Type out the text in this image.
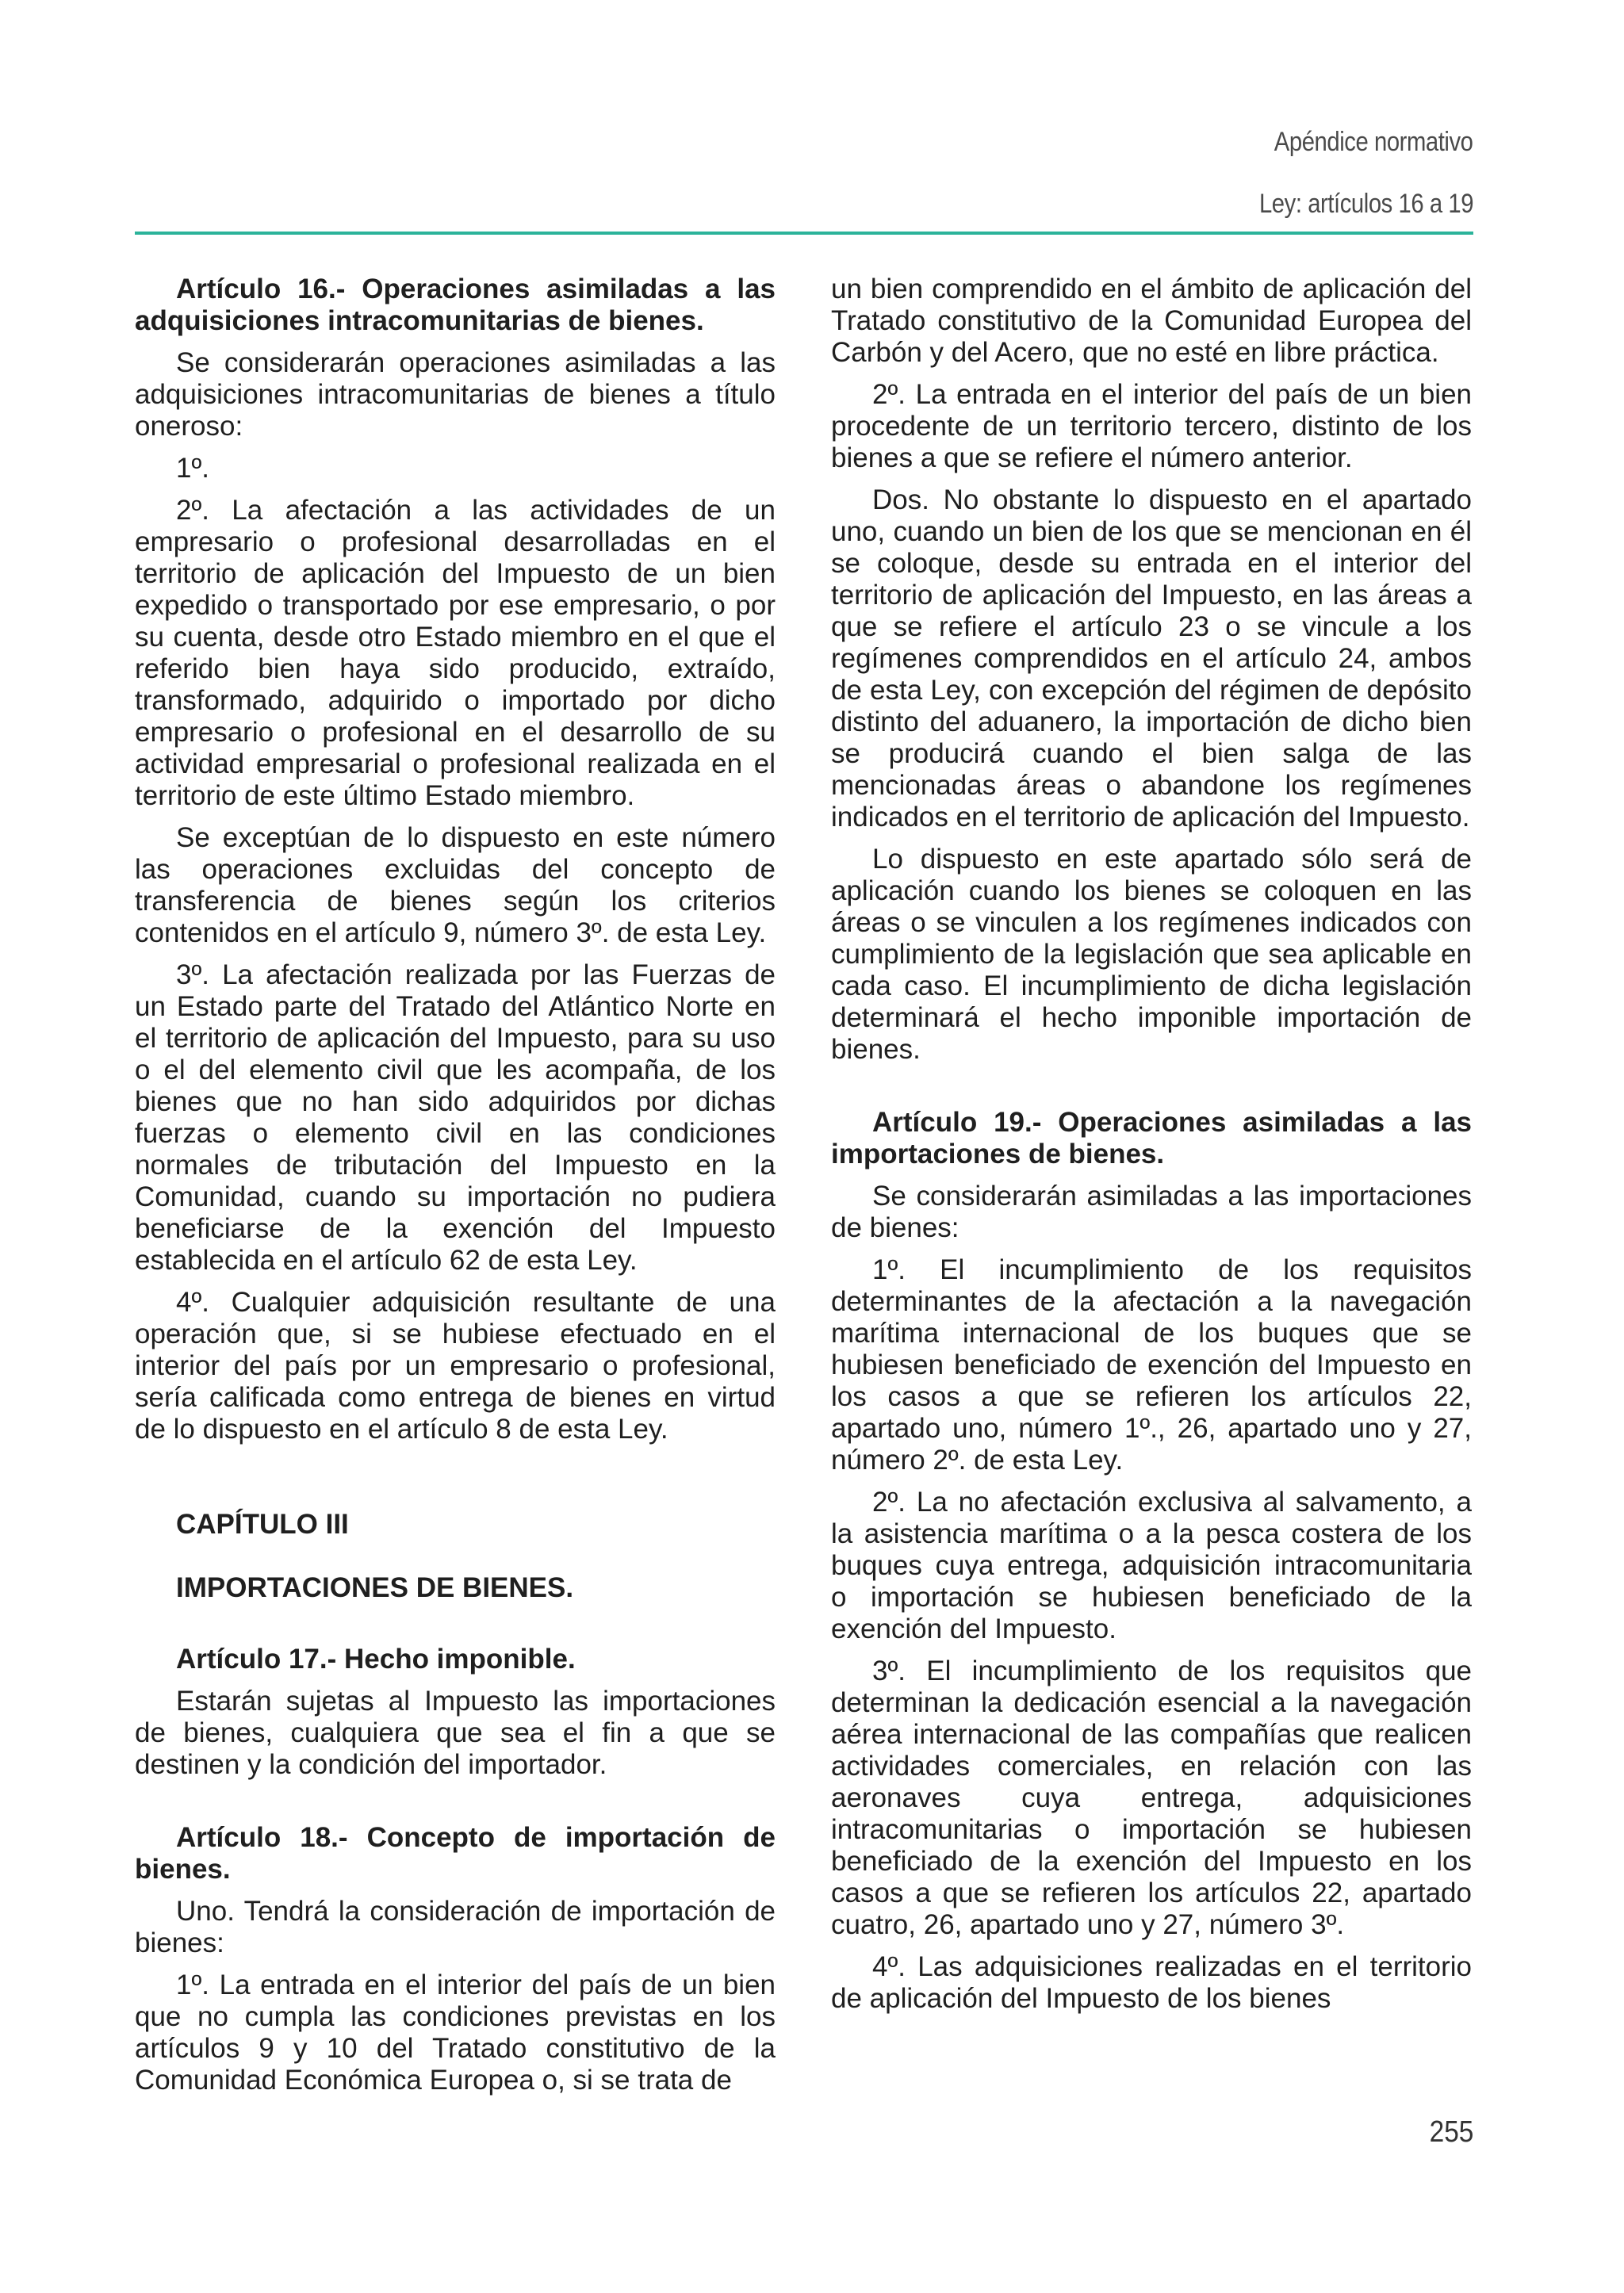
Apéndice normativo
Ley: artículos 16 a 19

Artículo 16.- Operaciones asimiladas a las adquisiciones intracomunitarias de bienes.

Se considerarán operaciones asimiladas a las adquisiciones intracomunitarias de bienes a título oneroso:

1º.

2º. La afectación a las actividades de un empresario o profesional desarrolladas en el territorio de aplicación del Impuesto de un bien expedido o transportado por ese empresario, o por su cuenta, desde otro Estado miembro en el que el referido bien haya sido producido, extraído, transformado, adquirido o importado por dicho empresario o profesional en el desarrollo de su actividad empresarial o profesional realizada en el territorio de este último Estado miembro.

Se exceptúan de lo dispuesto en este número las operaciones excluidas del concepto de transferencia de bienes según los criterios contenidos en el artículo 9, número 3º. de esta Ley.

3º. La afectación realizada por las Fuerzas de un Estado parte del Tratado del Atlántico Norte en el territorio de aplicación del Impuesto, para su uso o el del elemento civil que les acompaña, de los bienes que no han sido adquiridos por dichas fuerzas o elemento civil en las condiciones normales de tributación del Impuesto en la Comunidad, cuando su importación no pudiera beneficiarse de la exención del Impuesto establecida en el artículo 62 de esta Ley.

4º. Cualquier adquisición resultante de una operación que, si se hubiese efectuado en el interior del país por un empresario o profesional, sería calificada como entrega de bienes en virtud de lo dispuesto en el artículo 8 de esta Ley.

CAPÍTULO III

IMPORTACIONES DE BIENES.

Artículo 17.- Hecho imponible.

Estarán sujetas al Impuesto las importaciones de bienes, cualquiera que sea el fin a que se destinen y la condición del importador.

Artículo 18.- Concepto de importación de bienes.

Uno. Tendrá la consideración de importación de bienes:

1º. La entrada en el interior del país de un bien que no cumpla las condiciones previstas en los artículos 9 y 10 del Tratado constitutivo de la Comunidad Económica Europea o, si se trata de

un bien comprendido en el ámbito de aplicación del Tratado constitutivo de la Comunidad Europea del Carbón y del Acero, que no esté en libre práctica.

2º. La entrada en el interior del país de un bien procedente de un territorio tercero, distinto de los bienes a que se refiere el número anterior.

Dos. No obstante lo dispuesto en el apartado uno, cuando un bien de los que se mencionan en él se coloque, desde su entrada en el interior del territorio de aplicación del Impuesto, en las áreas a que se refiere el artículo 23 o se vincule a los regímenes comprendidos en el artículo 24, ambos de esta Ley, con excepción del régimen de depósito distinto del aduanero, la importación de dicho bien se producirá cuando el bien salga de las mencionadas áreas o abandone los regímenes indicados en el territorio de aplicación del Impuesto.

Lo dispuesto en este apartado sólo será de aplicación cuando los bienes se coloquen en las áreas o se vinculen a los regímenes indicados con cumplimiento de la legislación que sea aplicable en cada caso. El incumplimiento de dicha legislación determinará el hecho imponible importación de bienes.

Artículo 19.- Operaciones asimiladas a las importaciones de bienes.

Se considerarán asimiladas a las importaciones de bienes:

1º. El incumplimiento de los requisitos determinantes de la afectación a la navegación marítima internacional de los buques que se hubiesen beneficiado de exención del Impuesto en los casos a que se refieren los artículos 22, apartado uno, número 1º., 26, apartado uno y 27, número 2º. de esta Ley.

2º. La no afectación exclusiva al salvamento, a la asistencia marítima o a la pesca costera de los buques cuya entrega, adquisición intracomunitaria o importación se hubiesen beneficiado de la exención del Impuesto.

3º. El incumplimiento de los requisitos que determinan la dedicación esencial a la navegación aérea internacional de las compañías que realicen actividades comerciales, en relación con las aeronaves cuya entrega, adquisiciones intracomunitarias o importación se hubiesen beneficiado de la exención del Impuesto en los casos a que se refieren los artículos 22, apartado cuatro, 26, apartado uno y 27, número 3º.

4º. Las adquisiciones realizadas en el territorio de aplicación del Impuesto de los bienes

255
